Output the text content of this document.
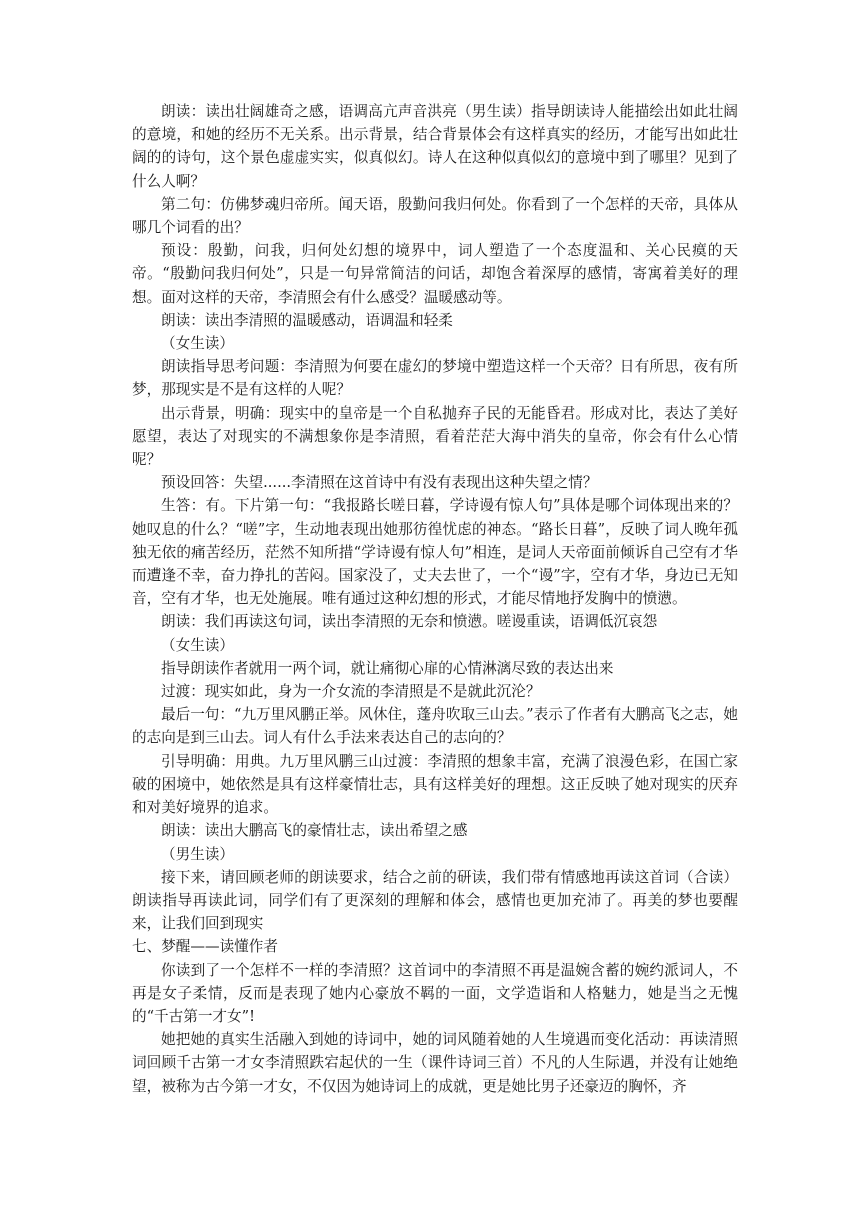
朗读：读出壮阔雄奇之感，语调高亢声音洪亮（男生读）指导朗读诗人能描绘出如此壮阔的意境，和她的经历不无关系。出示背景，结合背景体会有这样真实的经历，才能写出如此壮阔的的诗句，这个景色虚虚实实，似真似幻。诗人在这种似真似幻的意境中到了哪里？见到了什么人啊？

第二句：仿佛梦魂归帝所。闻天语，殷勤问我归何处。你看到了一个怎样的天帝，具体从哪几个词看的出？

预设：殷勤，问我，归何处幻想的境界中，词人塑造了一个态度温和、关心民瘼的天帝。“殷勤问我归何处”，只是一句异常简洁的问话，却饱含着深厚的感情，寄寓着美好的理想。面对这样的天帝，李清照会有什么感受？温暖感动等。

朗读：读出李清照的温暖感动，语调温和轻柔

（女生读）

朗读指导思考问题：李清照为何要在虚幻的梦境中塑造这样一个天帝？日有所思，夜有所梦，那现实是不是有这样的人呢？

出示背景，明确：现实中的皇帝是一个自私抛弃子民的无能昏君。形成对比，表达了美好愿望，表达了对现实的不满想象你是李清照，看着茫茫大海中消失的皇帝，你会有什么心情呢？

预设回答：失望......李清照在这首诗中有没有表现出这种失望之情？

生答：有。下片第一句：“我报路长嗟日暮，学诗谩有惊人句”具体是哪个词体现出来的？她叹息的什么？“嗟”字，生动地表现出她那彷徨忧虑的神态。“路长日暮”，反映了词人晚年孤独无依的痛苦经历，茫然不知所措“学诗谩有惊人句”相连，是词人天帝面前倾诉自己空有才华而遭逢不幸，奋力挣扎的苦闷。国家没了，丈夫去世了，一个“谩”字，空有才华，身边已无知音，空有才华，也无处施展。唯有通过这种幻想的形式，才能尽情地抒发胸中的愤懑。

朗读：我们再读这句词，读出李清照的无奈和愤懑。嗟谩重读，语调低沉哀怨

（女生读）

指导朗读作者就用一两个词，就让痛彻心扉的心情淋漓尽致的表达出来

过渡：现实如此，身为一介女流的李清照是不是就此沉沦？

最后一句：“九万里风鹏正举。风休住，蓬舟吹取三山去。”表示了作者有大鹏高飞之志，她的志向是到三山去。词人有什么手法来表达自己的志向的？

引导明确：用典。九万里风鹏三山过渡：李清照的想象丰富，充满了浪漫色彩，在国亡家破的困境中，她依然是具有这样豪情壮志，具有这样美好的理想。这正反映了她对现实的厌弃和对美好境界的追求。

朗读：读出大鹏高飞的豪情壮志，读出希望之感

（男生读）

接下来，请回顾老师的朗读要求，结合之前的研读，我们带有情感地再读这首词（合读）朗读指导再读此词，同学们有了更深刻的理解和体会，感情也更加充沛了。再美的梦也要醒来，让我们回到现实

七、梦醒——读懂作者

你读到了一个怎样不一样的李清照？这首词中的李清照不再是温婉含蓄的婉约派词人，不再是女子柔情，反而是表现了她内心豪放不羁的一面，文学造诣和人格魅力，她是当之无愧的“千古第一才女”!

她把她的真实生活融入到她的诗词中，她的词风随着她的人生境遇而变化活动：再读清照词回顾千古第一才女李清照跌宕起伏的一生（课件诗词三首）不凡的人生际遇，并没有让她绝望，被称为古今第一才女，不仅因为她诗词上的成就，更是她比男子还豪迈的胸怀，齐
